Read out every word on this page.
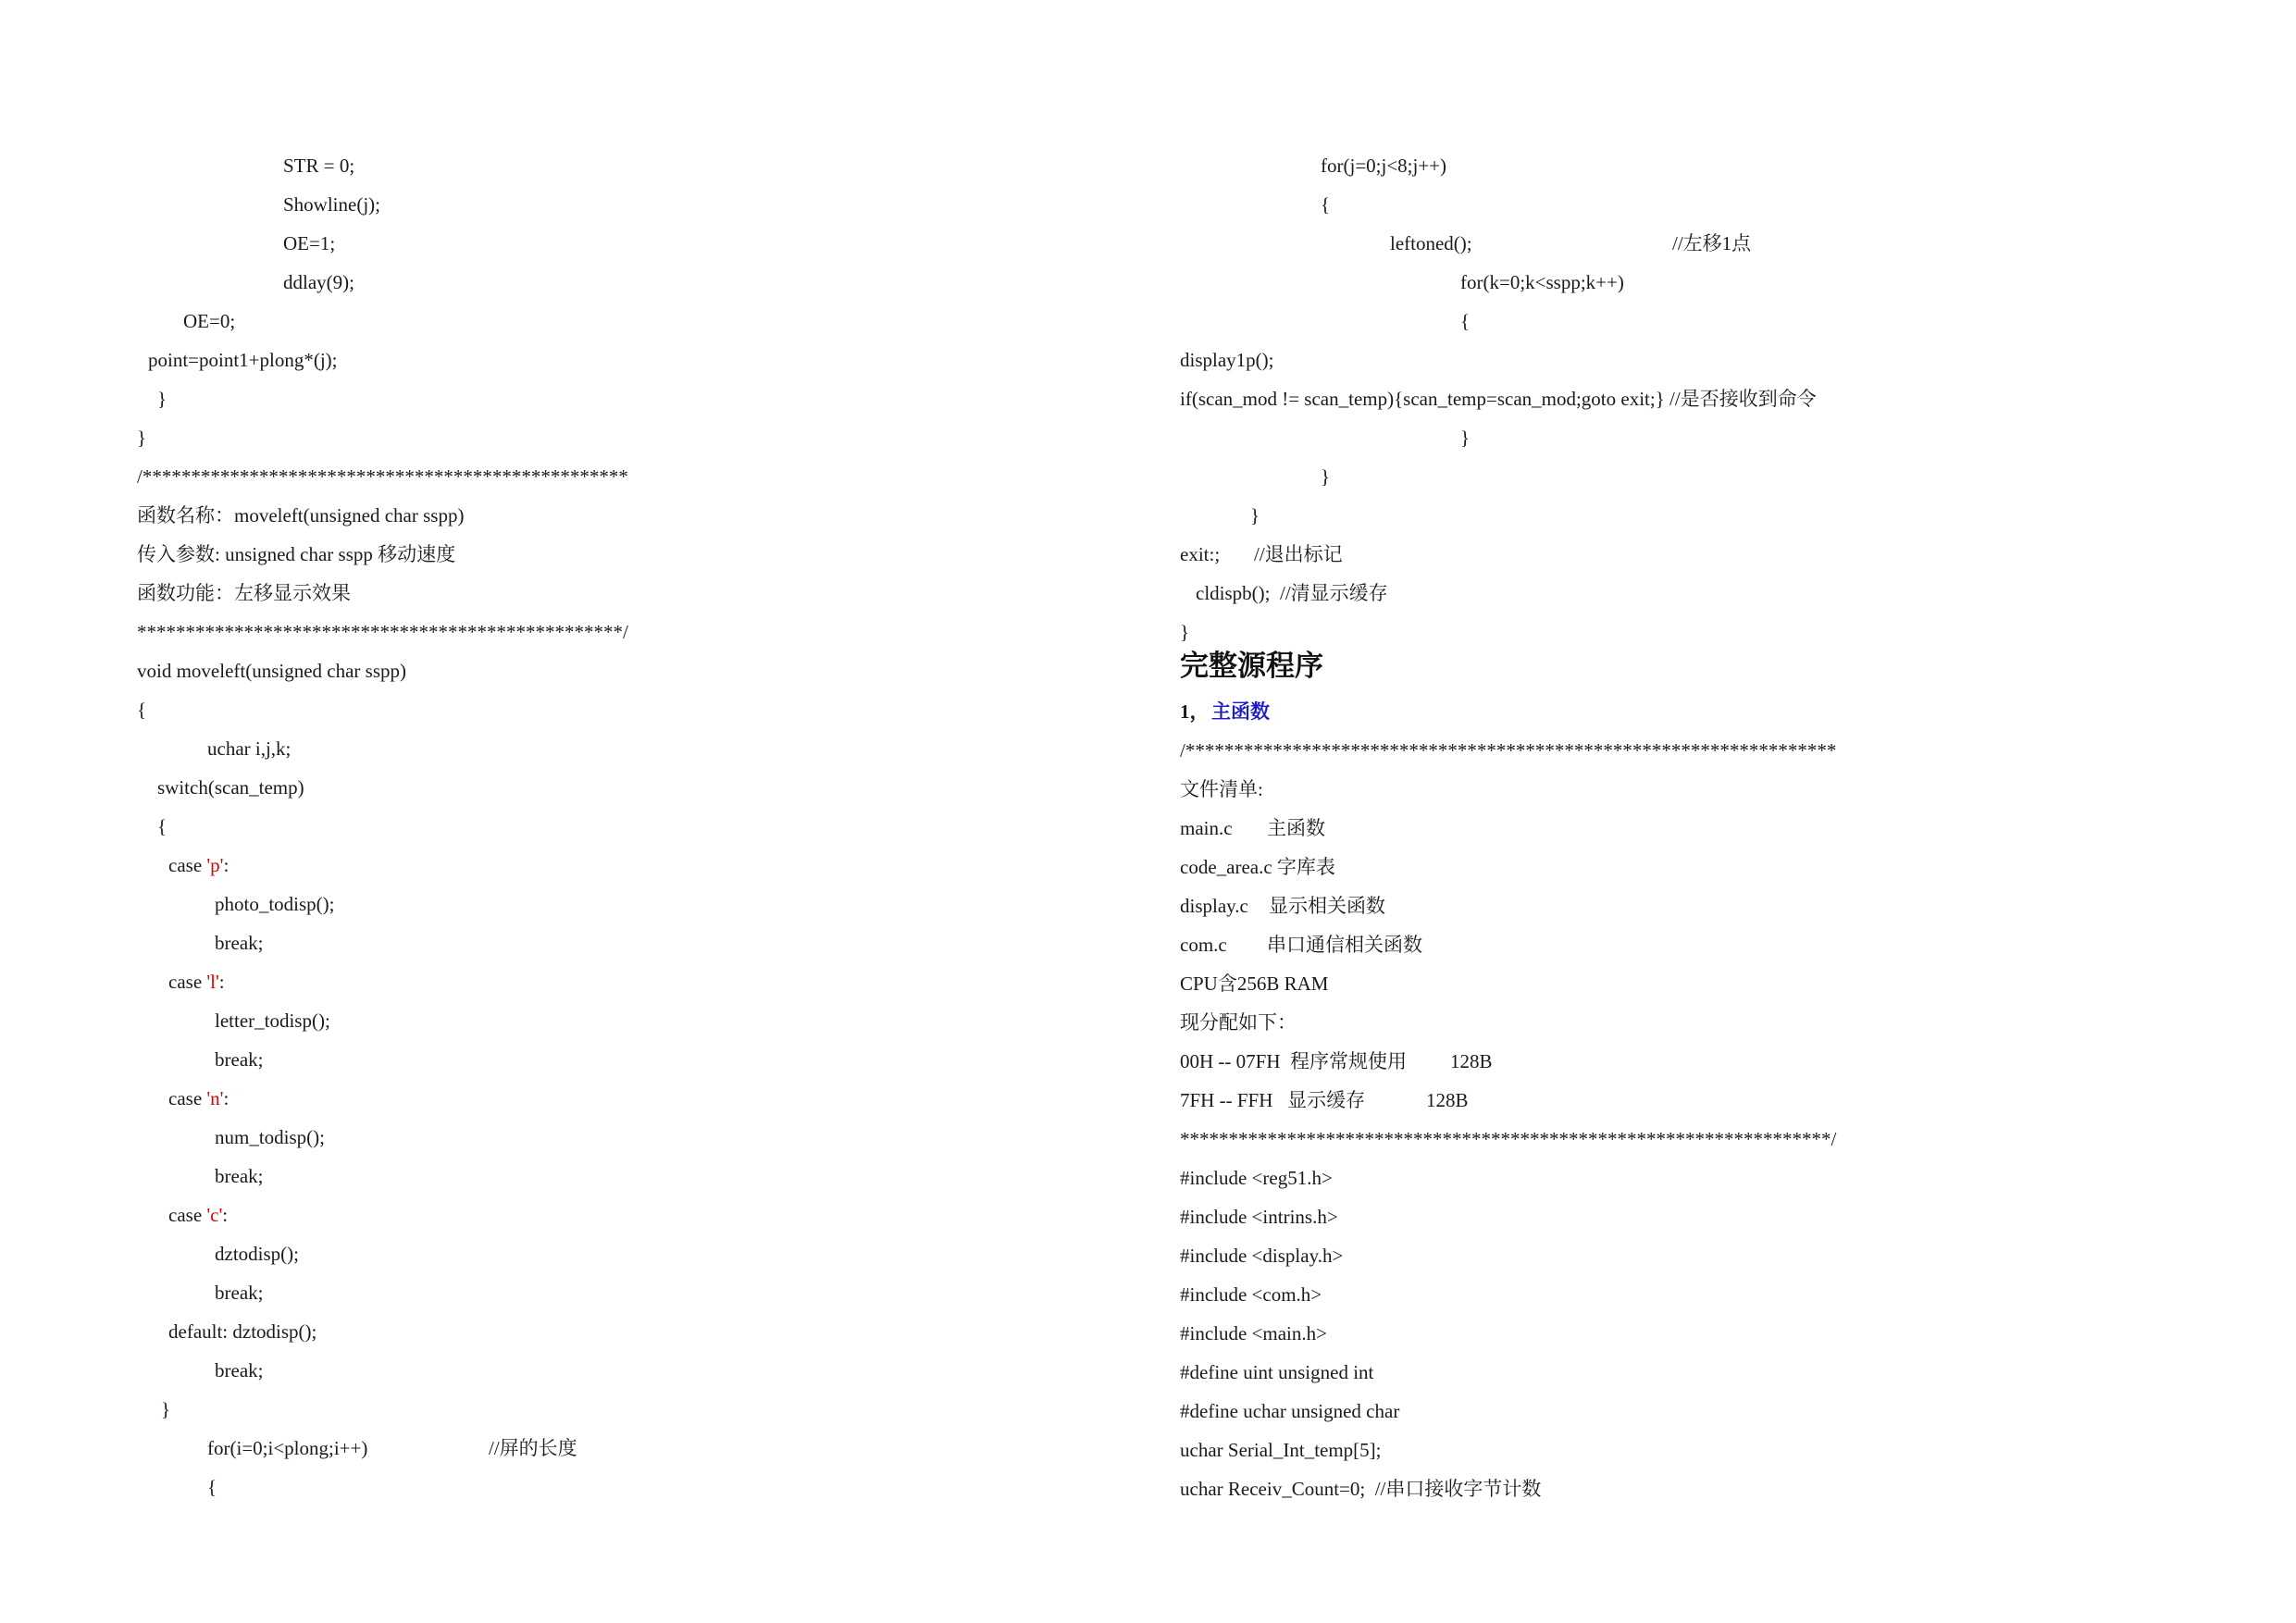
STR = 0;
Showline(j);
OE=1;
ddlay(9);
OE=0;
point=point1+plong*(j);
}
}
/**************************************************
函数名称：moveleft(unsigned char sspp)
传入参数: unsigned char sspp 移动速度
函数功能：左移显示效果
**************************************************/
void moveleft(unsigned char sspp)
{
uchar i,j,k;
switch(scan_temp)
{
case 'p':
photo_todisp();
break;
case 'l':
letter_todisp();
break;
case 'n':
num_todisp();
break;
case 'c':
dztodisp();
break;
default: dztodisp();
break;
}
for(i=0;i<plong;i++)	//屏的长度
{
for(j=0;j<8;j++)
{
leftoned();	//左移1点
for(k=0;k<sspp;k++)
{
display1p();
if(scan_mod != scan_temp){scan_temp=scan_mod;goto exit;} //是否接收到命令
}
}
}
exit:; //退出标记
cldispb();  //清显示缓存
}
完整源程序
1， 主函数
/*******************************************************************
文件清单:
main.c 主函数
code_area.c 字库表
display.c 显示相关函数
com.c 串口通信相关函数
CPU含256B RAM
现分配如下：
00H -- 07FH  程序常规使用 128B
7FH -- FFH   显示缓存	128B
*******************************************************************/
#include <reg51.h>
#include <intrins.h>
#include <display.h>
#include <com.h>
#include <main.h>
#define uint unsigned int
#define uchar unsigned char
uchar Serial_Int_temp[5];
uchar Receiv_Count=0;  //串口接收字节计数
